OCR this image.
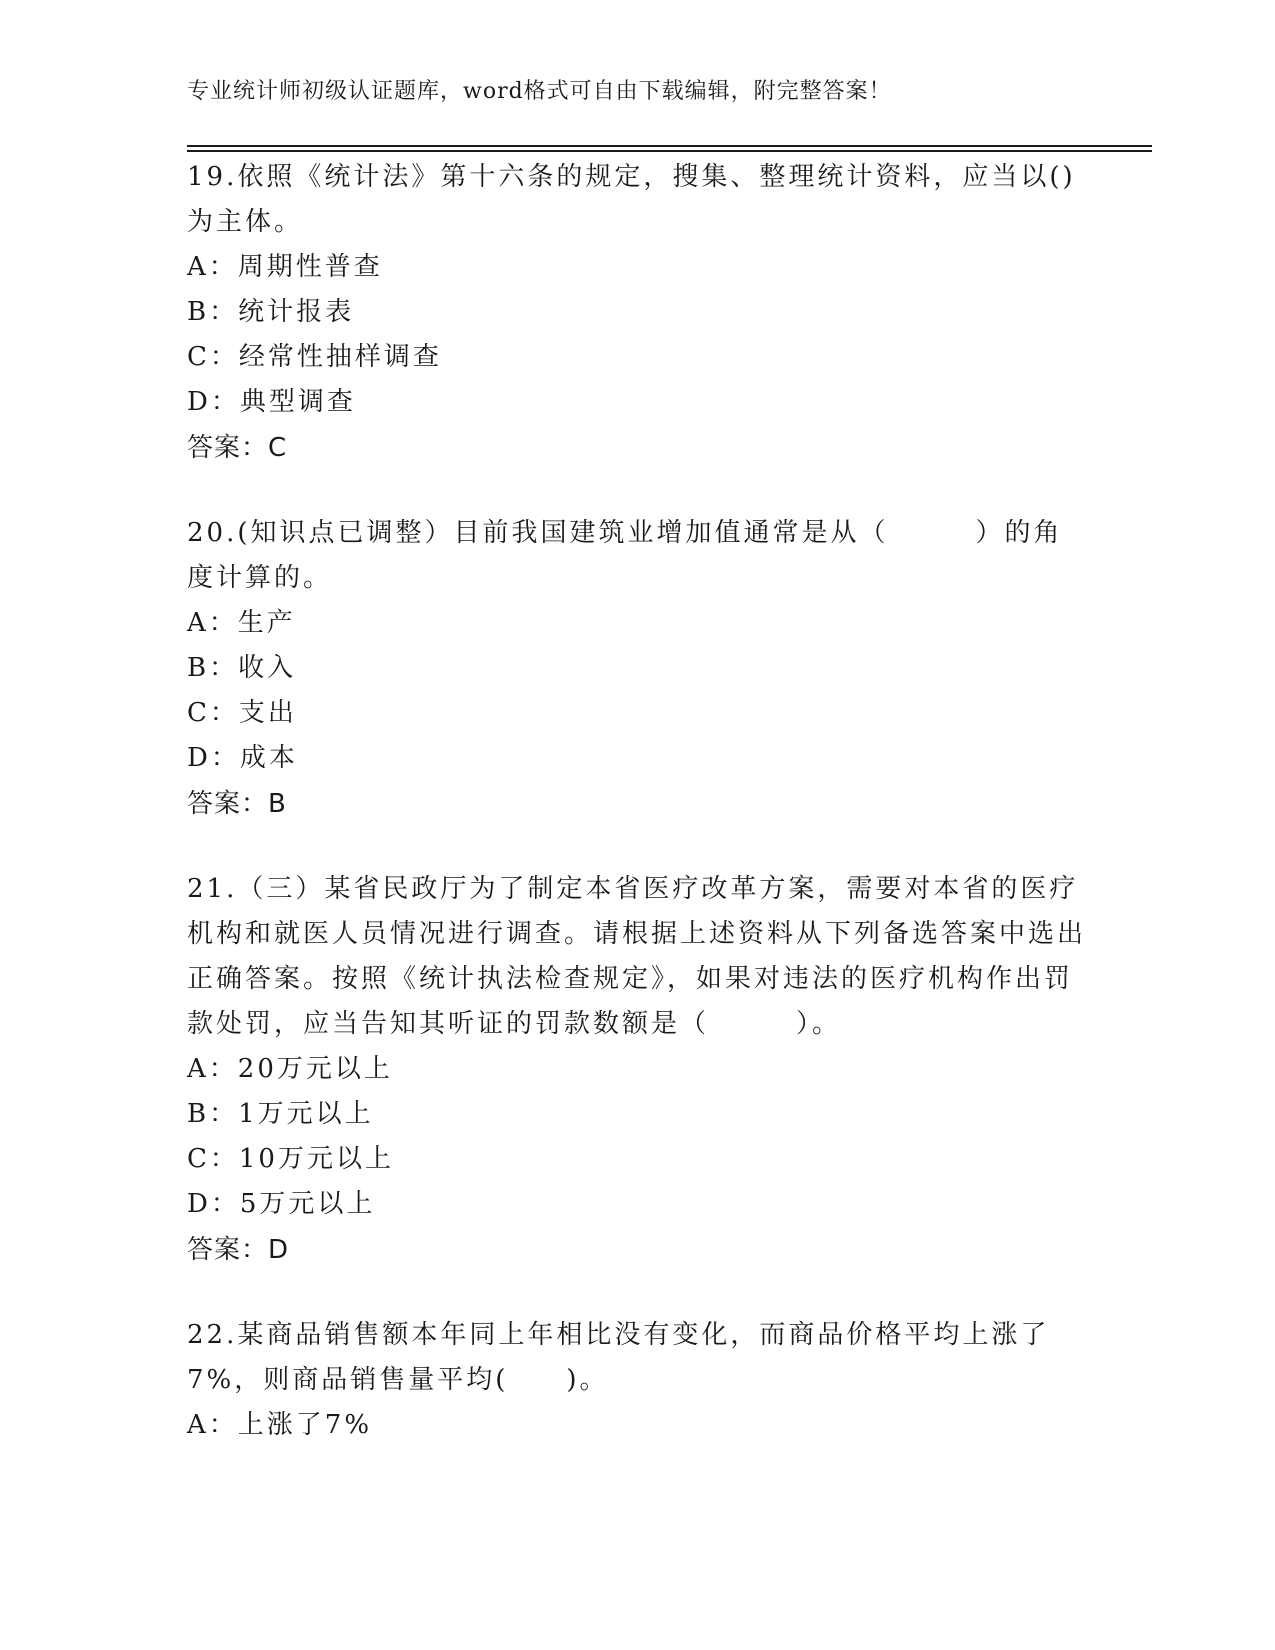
专业统计师初级认证题库，word格式可自由下载编辑，附完整答案！

19.依照《统计法》第十六条的规定，搜集、整理统计资料，应当以()为主体。

A：周期性普查

B：统计报表

C：经常性抽样调查

D：典型调查

答案：C

20.(知识点已调整）目前我国建筑业增加值通常是从（　　　）的角度计算的。

A：生产

B：收入

C：支出

D：成本

答案：B

21.（三）某省民政厅为了制定本省医疗改革方案，需要对本省的医疗机构和就医人员情况进行调查。请根据上述资料从下列备选答案中选出正确答案。按照《统计执法检查规定》，如果对违法的医疗机构作出罚款处罚，应当告知其听证的罚款数额是（　　　）。

A：20万元以上

B：1万元以上

C：10万元以上

D：5万元以上

答案：D

22.某商品销售额本年同上年相比没有变化，而商品价格平均上涨了7%，则商品销售量平均(　　)。

A：上涨了7%
